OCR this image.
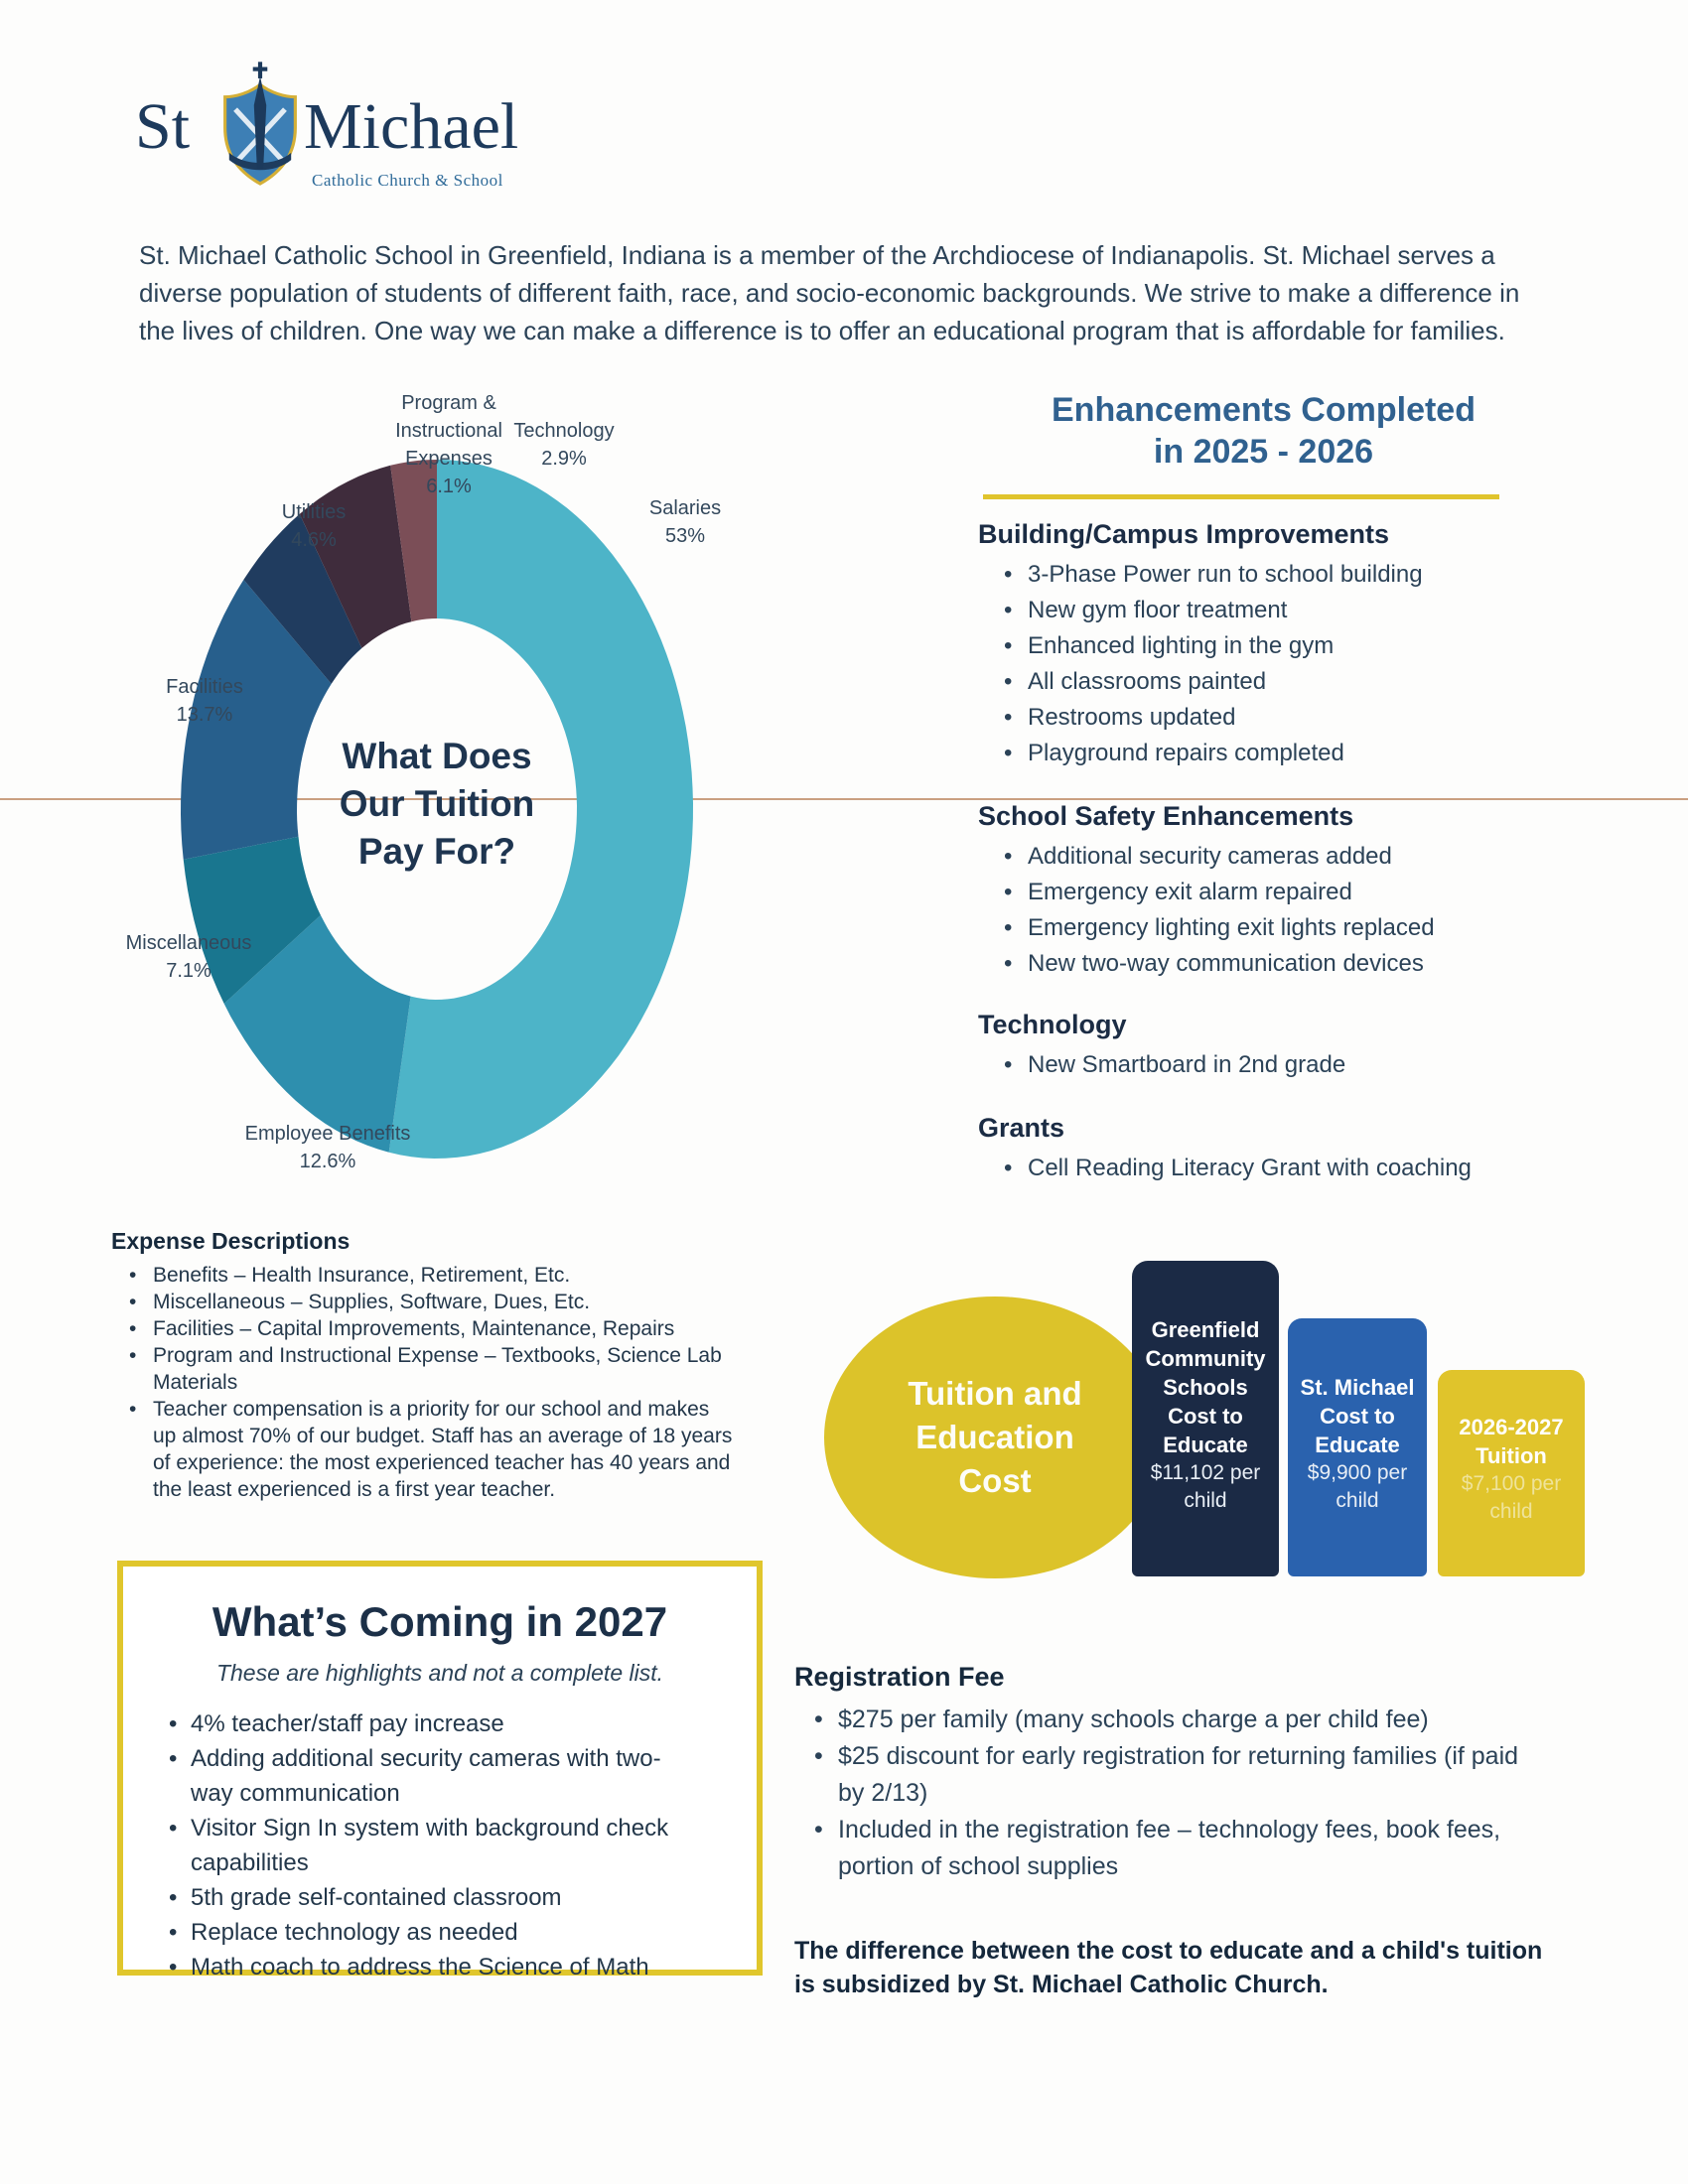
St Michael
Catholic Church & School

St. Michael Catholic School in Greenfield, Indiana is a member of the Archdiocese of Indianapolis. St. Michael serves a diverse population of students of different faith, race, and socio-economic backgrounds. We strive to make a difference in the lives of children. One way we can make a difference is to offer an educational program that is affordable for families.

Salaries
53%
Employee Benefits
12.6%
Miscellaneous
7.1%
Facilities
13.7%
Utilities
4.6%
Program &
Instructional
Expenses
6.1%
Technology
2.9%
What Does
Our Tuition
Pay For?
Enhancements Completed
in 2025 - 2026
Building/Campus Improvements
• 3-Phase Power run to school building
• New gym floor treatment
• Enhanced lighting in the gym
• All classrooms painted
• Restrooms updated
• Playground repairs completed
School Safety Enhancements
• Additional security cameras added
• Emergency exit alarm repaired
• Emergency lighting exit lights replaced
• New two-way communication devices
Technology
• New Smartboard in 2nd grade
Grants
• Cell Reading Literacy Grant with coaching
Expense Descriptions
• Benefits – Health Insurance, Retirement, Etc.
• Miscellaneous – Supplies, Software, Dues, Etc.
• Facilities – Capital Improvements, Maintenance, Repairs
• Program and Instructional Expense – Textbooks, Science Lab Materials
• Teacher compensation is a priority for our school and makes up almost 70% of our budget. Staff has an average of 18 years of experience: the most experienced teacher has 40 years and the least experienced is a first year teacher.
Tuition and
Education
Cost
Greenfield
Community
Schools
Cost to
Educate
$11,102 per
child
St. Michael
Cost to
Educate
$9,900 per
child
2026-2027
Tuition
$7,100 per
child
What’s Coming in 2027
These are highlights and not a complete list.
• 4% teacher/staff pay increase
• Adding additional security cameras with two-way communication
• Visitor Sign In system with background check capabilities
• 5th grade self-contained classroom
• Replace technology as needed
• Math coach to address the Science of Math
Registration Fee
• $275 per family (many schools charge a per child fee)
• $25 discount for early registration for returning families (if paid by 2/13)
• Included in the registration fee – technology fees, book fees, portion of school supplies

The difference between the cost to educate and a child's tuition is subsidized by St. Michael Catholic Church.
